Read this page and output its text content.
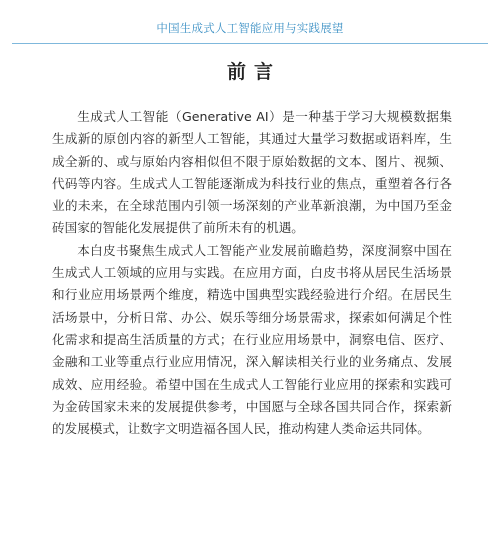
中国生成式人工智能应用与实践展望
前言

生成式人工智能（Generative AI）是一种基于学习大规模数据集生成新的原创内容的新型人工智能，其通过大量学习数据或语料库，生成全新的、或与原始内容相似但不限于原始数据的文本、图片、视频、代码等内容。生成式人工智能逐渐成为科技行业的焦点，重塑着各行各业的未来，在全球范围内引领一场深刻的产业革新浪潮，为中国乃至金砖国家的智能化发展提供了前所未有的机遇。

本白皮书聚焦生成式人工智能产业发展前瞻趋势，深度洞察中国在生成式人工领域的应用与实践。在应用方面，白皮书将从居民生活场景和行业应用场景两个维度，精选中国典型实践经验进行介绍。在居民生活场景中，分析日常、办公、娱乐等细分场景需求，探索如何满足个性化需求和提高生活质量的方式；在行业应用场景中，洞察电信、医疗、金融和工业等重点行业应用情况，深入解读相关行业的业务痛点、发展成效、应用经验。希望中国在生成式人工智能行业应用的探索和实践可为金砖国家未来的发展提供参考，中国愿与全球各国共同合作，探索新的发展模式，让数字文明造福各国人民，推动构建人类命运共同体。
